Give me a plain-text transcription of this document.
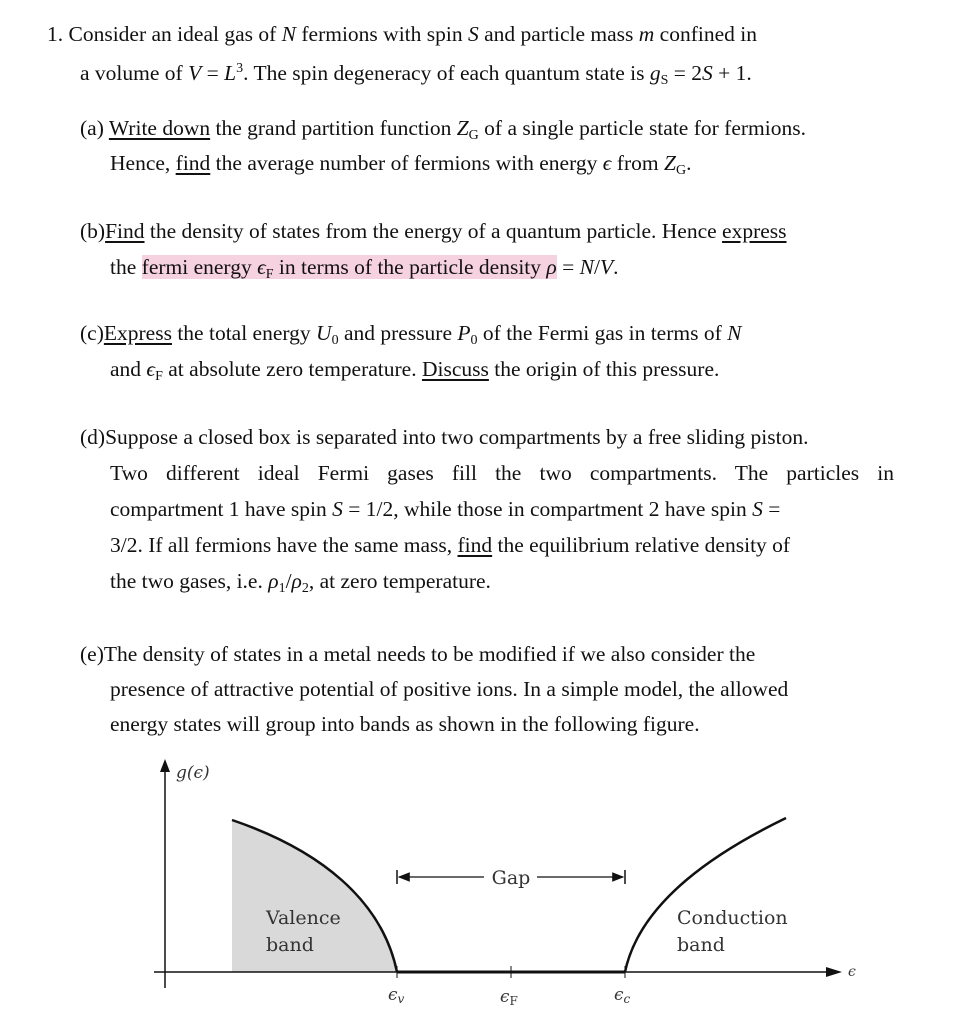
1. Consider an ideal gas of N fermions with spin S and particle mass m confined in
a volume of $V = L^3$. The spin degeneracy of each quantum state is $g_S = 2S + 1$.
(a) Write down the grand partition function $Z_G$ of a single particle state for fermions.
Hence, find the average number of fermions with energy ϵ from $Z_G$.
(b)Find the density of states from the energy of a quantum particle. Hence express
the fermi energy $\epsilon_F$ in terms of the particle density ρ = N/V.
(c)Express the total energy $U_0$ and pressure $P_0$ of the Fermi gas in terms of N
and $\epsilon_F$ at absolute zero temperature. Discuss the origin of this pressure.
(d)Suppose a closed box is separated into two compartments by a free sliding piston.
Two different ideal Fermi gases fill the two compartments. The particles in
compartment 1 have spin S = 1/2, while those in compartment 2 have spin S =
3/2. If all fermions have the same mass, find the equilibrium relative density of
the two gases, i.e. $\rho_1/\rho_2$, at zero temperature.
(e)The density of states in a metal needs to be modified if we also consider the
presence of attractive potential of positive ions. In a simple model, the allowed
energy states will group into bands as shown in the following figure.
g(ϵ)
ϵ
ϵv	ϵF	ϵc
Gap
Valence
band
Conduction
band
